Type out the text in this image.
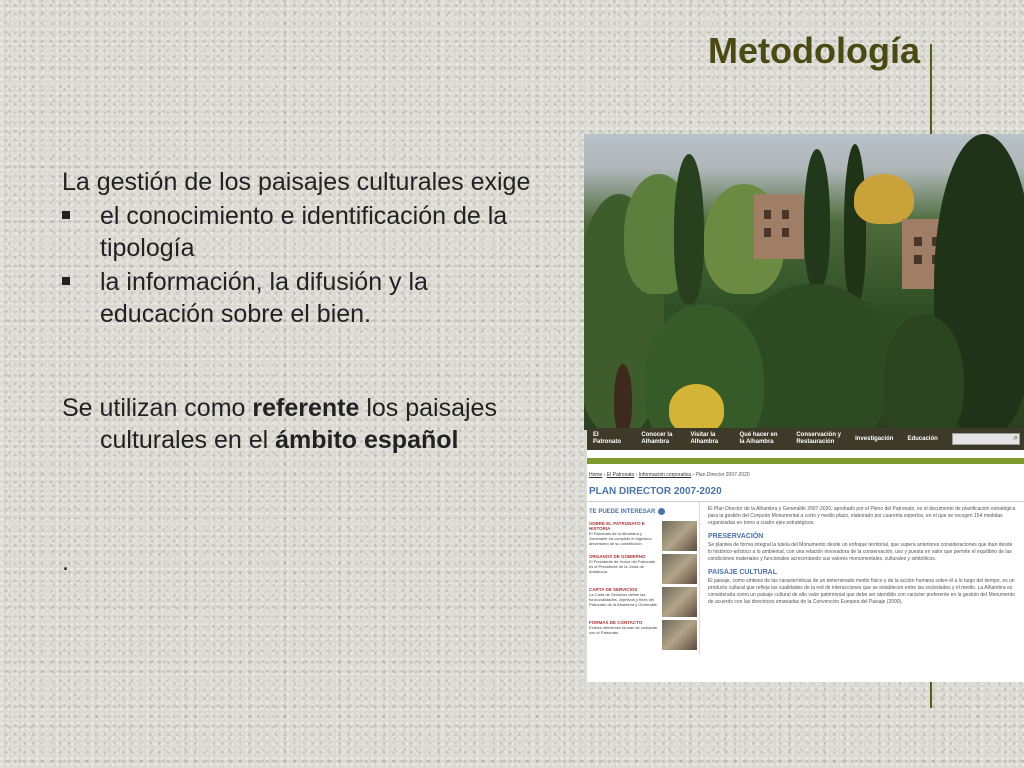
Metodología

La gestión de los paisajes culturales exige

el conocimiento e identificación de la tipología
la información, la difusión y la educación sobre el bien.

Se utilizan como referente los paisajes culturales en el ámbito español

.

El Patronato
Conocer la Alhambra
Visitar la Alhambra
Qué hacer en la Alhambra
Conservación y Restauración
Investigación Educación	⌕
Home › El Patronato › Información corporativa › Plan Director 2007-2020
PLAN DIRECTOR 2007-2020
TE PUEDE INTERESAR
SOBRE EL PATRONATO E HISTORIA
El Patronato de la Alhambra y Generalife ha cumplido el trigésimo aniversario de su constitución.
ÓRGANOS DE GOBIERNO
El Presidente de Honor del Patronato es el Presidente de la Junta de Andalucía.
CARTA DE SERVICIOS
La Carta de Servicios define las funcionalidades, objetivos y fines del Patronato de la Alhambra y Generalife.
FORMAS DE CONTACTO
Existen diferentes formas de contactar con el Patronato.

El Plan Director de la Alhambra y Generalife 2007-2020, aprobado por el Pleno del Patronato, es el documento de planificación estratégica para la gestión del Conjunto Monumental a corto y medio plazo, elaborado por cuarenta expertos, en el que se recogen 154 medidas organizadas en torno a cuatro ejes estratégicos.

PRESERVACIÓN

Se plantea de forma integral la tutela del Monumento desde un enfoque territorial, que supera anteriores consideraciones que iban desde lo histórico-artístico a lo ambiental, con una relación innovadora de la conservación, uso y puesta en valor que permite el equilibrio de las condiciones materiales y funcionales acrecentando sus valores monumentales, culturales y simbólicos.

PAISAJE CULTURAL

El paisaje, como síntesis de las características de un determinado medio físico y de la acción humana sobre él a lo largo del tiempo, es un producto cultural que refleja las cualidades de la red de interacciones que se establecen entre las sociedades y el medio. La Alhambra es considerada como un paisaje cultural de alto valor patrimonial que debe ser atendido con carácter preferente en la gestión del Monumento de acuerdo con las directrices emanadas de la Convención Europea del Paisaje (2000).
